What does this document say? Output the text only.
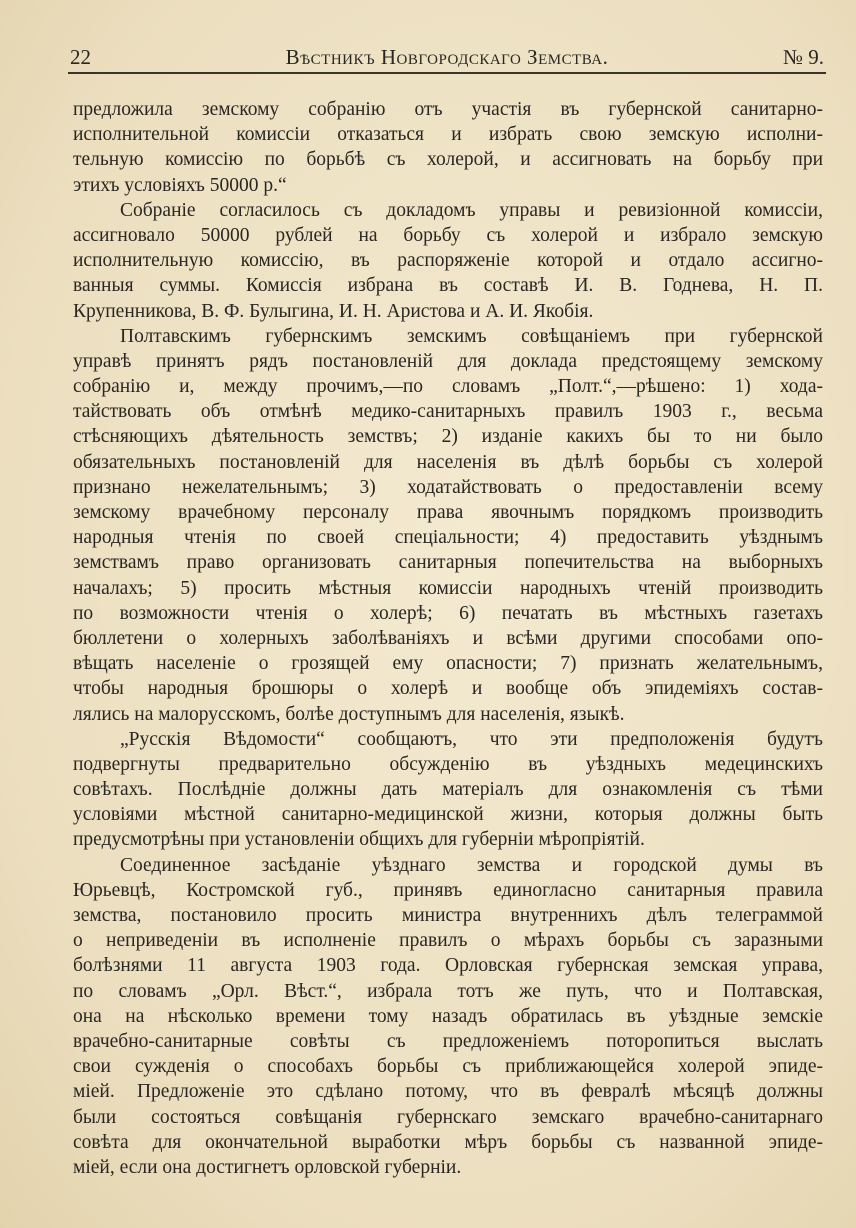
22	Вѣстникъ Новгородскаго Земства.	№ 9.
предложила земскому собранію отъ участія въ губернской санитарно-
исполнительной комиссіи отказаться и избрать свою земскую исполни-
тельную комиссію по борьбѣ съ холерой, и ассигновать на борьбу при
этихъ условіяхъ 50000 р.“
Собраніе согласилось съ докладомъ управы и ревизіонной комиссіи,
ассигновало 50000 рублей на борьбу съ холерой и избрало земскую
исполнительную комиссію, въ распоряженіе которой и отдало ассигно-
ванныя суммы. Комиссія избрана въ составѣ И. В. Годнева, Н. П.
Крупенникова, В. Ф. Булыгина, И. Н. Аристова и А. И. Якобія.
Полтавскимъ губернскимъ земскимъ совѣщаніемъ при губернской
управѣ принятъ рядъ постановленій для доклада предстоящему земскому
собранію и, между прочимъ,—по словамъ „Полт.“,—рѣшено: 1) хода-
тайствовать объ отмѣнѣ медико-санитарныхъ правилъ 1903 г., весьма
стѣсняющихъ дѣятельность земствъ; 2) изданіе какихъ бы то ни было
обязательныхъ постановленій для населенія въ дѣлѣ борьбы съ холерой
признано нежелательнымъ; 3) ходатайствовать о предоставленіи всему
земскому врачебному персоналу права явочнымъ порядкомъ производить
народныя чтенія по своей спеціальности; 4) предоставить уѣзднымъ
земствамъ право организовать санитарныя попечительства на выборныхъ
началахъ; 5) просить мѣстныя комиссіи народныхъ чтеній производить
по возможности чтенія о холерѣ; 6) печатать въ мѣстныхъ газетахъ
бюллетени о холерныхъ заболѣваніяхъ и всѣми другими способами опо-
вѣщать населеніе о грозящей ему опасности; 7) признать желательнымъ,
чтобы народныя брошюры о холерѣ и вообще объ эпидеміяхъ состав-
лялись на малорусскомъ, болѣе доступнымъ для населенія, языкѣ.
„Русскія Вѣдомости“ сообщаютъ, что эти предположенія будутъ
подвергнуты предварительно обсужденію въ уѣздныхъ медецинскихъ
совѣтахъ. Послѣдніе должны дать матеріалъ для ознакомленія съ тѣми
условіями мѣстной санитарно-медицинской жизни, которыя должны быть
предусмотрѣны при установленіи общихъ для губерніи мѣропріятій.
Соединенное засѣданіе уѣзднаго земства и городской думы въ
Юрьевцѣ, Костромской губ., принявъ единогласно санитарныя правила
земства, постановило просить министра внутреннихъ дѣлъ телеграммой
о неприведеніи въ исполненіе правилъ о мѣрахъ борьбы съ заразными
болѣзнями 11 августа 1903 года. Орловская губернская земская управа,
по словамъ „Орл. Вѣст.“, избрала тотъ же путь, что и Полтавская,
она на нѣсколько времени тому назадъ обратилась въ уѣздные земскіе
врачебно-санитарные совѣты съ предложеніемъ поторопиться выслать
свои сужденія о способахъ борьбы съ приближающейся холерой эпиде-
міей. Предложеніе это сдѣлано потому, что въ февралѣ мѣсяцѣ должны
были состояться совѣщанія губернскаго земскаго врачебно-санитарнаго
совѣта для окончательной выработки мѣръ борьбы съ названной эпиде-
міей, если она достигнетъ орловской губерніи.
